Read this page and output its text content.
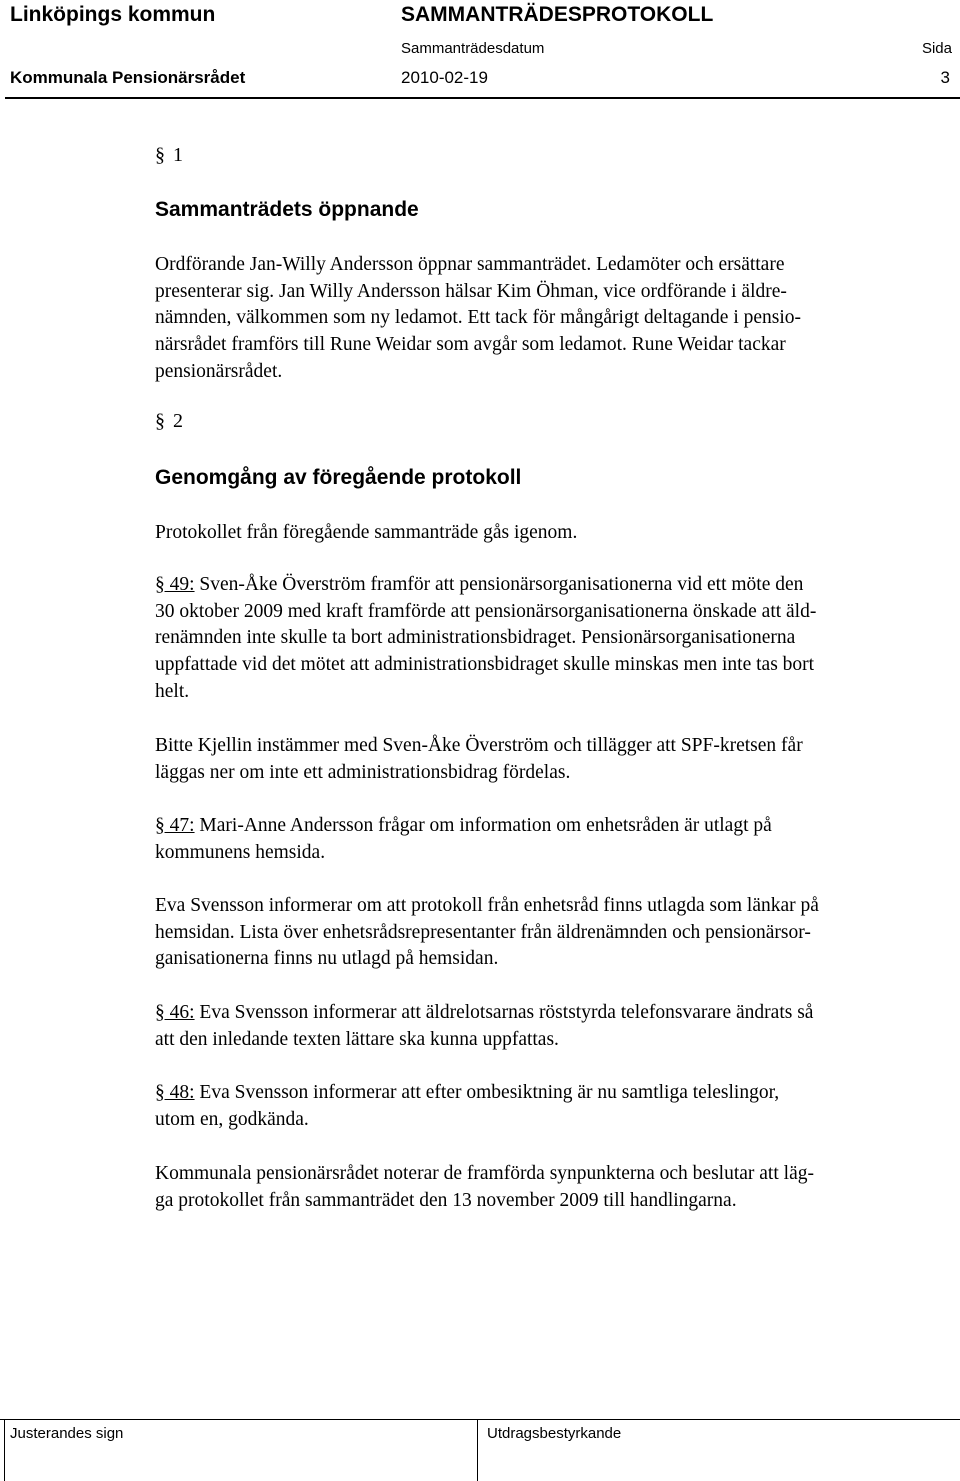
Linköpings kommun	SAMMANTRÄDESPROTOKOLL
Sammanträdesdatum	Sida
Kommunala Pensionärsrådet	2010-02-19	3
§ 1
Sammanträdets öppnande
Ordförande Jan-Willy Andersson öppnar sammanträdet. Ledamöter och ersättare
presenterar sig. Jan Willy Andersson hälsar Kim Öhman, vice ordförande i äldre-
nämnden, välkommen som ny ledamot. Ett tack för mångårigt deltagande i pensio-
närsrådet framförs till Rune Weidar som avgår som ledamot. Rune Weidar tackar
pensionärsrådet.
§ 2
Genomgång av föregående protokoll
Protokollet från föregående sammanträde gås igenom.
§ 49: Sven-Åke Överström framför att pensionärsorganisationerna vid ett möte den
30 oktober 2009 med kraft framförde att pensionärsorganisationerna önskade att äld-
renämnden inte skulle ta bort administrationsbidraget. Pensionärsorganisationerna
uppfattade vid det mötet att administrationsbidraget skulle minskas men inte tas bort
helt.
Bitte Kjellin instämmer med Sven-Åke Överström och tillägger att SPF-kretsen får
läggas ner om inte ett administrationsbidrag fördelas.
§ 47: Mari-Anne Andersson frågar om information om enhetsråden är utlagt på
kommunens hemsida.
Eva Svensson informerar om att protokoll från enhetsråd finns utlagda som länkar på
hemsidan. Lista över enhetsrådsrepresentanter från äldrenämnden och pensionärsor-
ganisationerna finns nu utlagd på hemsidan.
§ 46: Eva Svensson informerar att äldrelotsarnas röststyrda telefonsvarare ändrats så
att den inledande texten lättare ska kunna uppfattas.
§ 48: Eva Svensson informerar att efter ombesiktning är nu samtliga teleslingor,
utom en, godkända.
Kommunala pensionärsrådet noterar de framförda synpunkterna och beslutar att läg-
ga protokollet från sammanträdet den 13 november 2009 till handlingarna.
Justerandes sign	Utdragsbestyrkande
